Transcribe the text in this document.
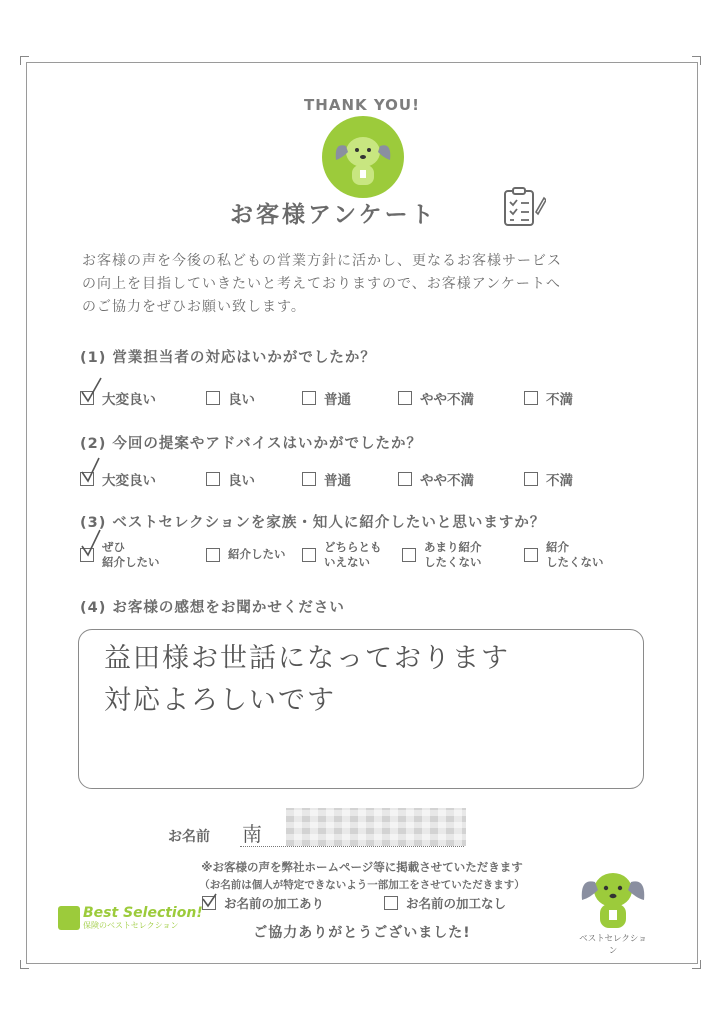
THANK YOU!
お客様アンケート
お客様の声を今後の私どもの営業方針に活かし、更なるお客様サービス
の向上を目指していきたいと考えておりますので、お客様アンケートへ
のご協力をぜひお願い致します。
(1) 営業担当者の対応はいかがでしたか？
大変良い	良い	普通	やや不満	不満
(2) 今回の提案やアドバイスはいかがでしたか？
大変良い	良い	普通	やや不満	不満
(3) ベストセレクションを家族・知人に紹介したいと思いますか？
ぜひ
紹介したい
紹介したい	どちらとも
いえない
あまり紹介
したくない
紹介
したくない
(4) お客様の感想をお聞かせください
益田様お世話になっております
対応よろしいです
お名前 南
※お客様の声を弊社ホームページ等に掲載させていただきます
（お名前は個人が特定できないよう一部加工をさせていただきます）
お名前の加工あり	お名前の加工なし
ご協力ありがとうございました!
Best Selection!
保険のベストセレクション
ベストセレクション
